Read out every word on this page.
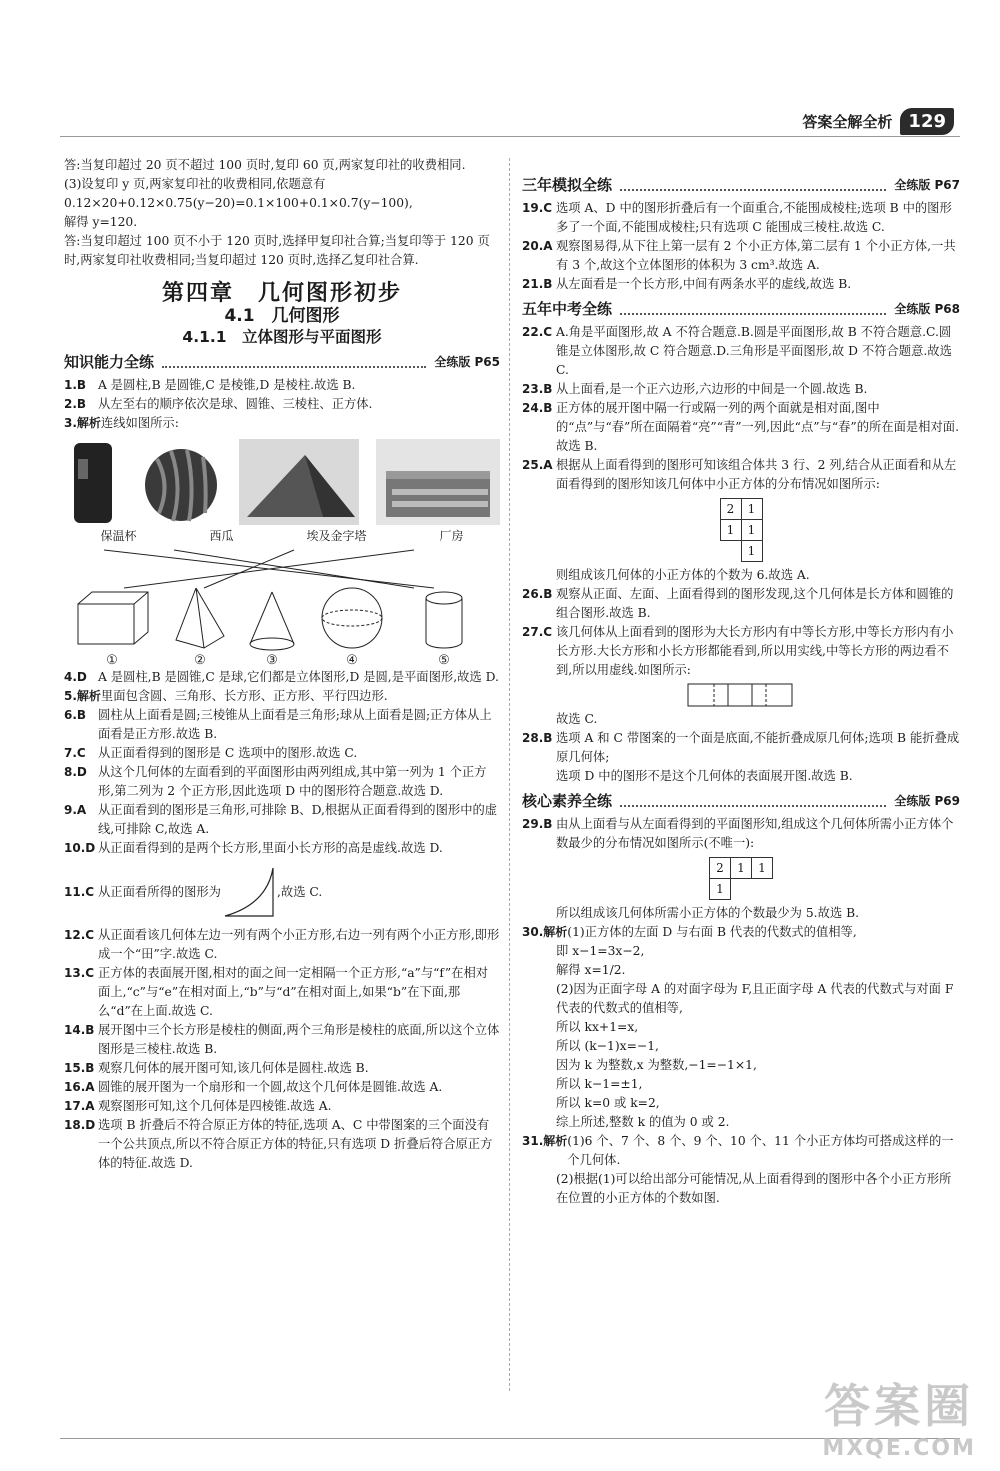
答案全解全析 129

答:当复印超过 20 页不超过 100 页时,复印 60 页,两家复印社的收费相同.

(3)设复印 y 页,两家复印社的收费相同,依题意有

0.12×20+0.12×0.75(y−20)=0.1×100+0.1×0.7(y−100),

解得 y=120.

答:当复印超过 100 页不小于 120 页时,选择甲复印社合算;当复印等于 120 页时,两家复印社收费相同;当复印超过 120 页时,选择乙复印社合算.

第四章　几何图形初步
4.1　几何图形
4.1.1　立体图形与平面图形
知识能力全练	全练版 P65
1.B A 是圆柱,B 是圆锥,C 是棱锥,D 是棱柱.故选 B.
2.B 从左至右的顺序依次是球、圆锥、三棱柱、正方体.
3.解析 连线如图所示:
保温杯	西瓜	埃及金字塔	厂房
①	②	③	④	⑤
4.D A 是圆柱,B 是圆锥,C 是球,它们都是立体图形,D 是圆,是平面图形,故选 D.
5.解析 里面包含圆、三角形、长方形、正方形、平行四边形.
6.B 圆柱从上面看是圆;三棱锥从上面看是三角形;球从上面看是圆;正方体从上面看是正方形.故选 B.
7.C 从正面看得到的图形是 C 选项中的图形.故选 C.
8.D 从这个几何体的左面看到的平面图形由两列组成,其中第一列为 1 个正方形,第二列为 2 个正方形,因此选项 D 中的图形符合题意.故选 D.
9.A 从正面看到的图形是三角形,可排除 B、D,根据从正面看得到的图形中的虚线,可排除 C,故选 A.
10.D 从正面看得到的是两个长方形,里面小长方形的高是虚线.故选 D.
11.C 从正面看所得的图形为	,故选 C.
12.C 从正面看该几何体左边一列有两个小正方形,右边一列有两个小正方形,即形成一个“田”字.故选 C.
13.C 正方体的表面展开图,相对的面之间一定相隔一个正方形,“a”与“f”在相对面上,“c”与“e”在相对面上,“b”与“d”在相对面上,如果“b”在下面,那么“d”在上面.故选 C.
14.B 展开图中三个长方形是棱柱的侧面,两个三角形是棱柱的底面,所以这个立体图形是三棱柱.故选 B.
15.B 观察几何体的展开图可知,该几何体是圆柱.故选 B.
16.A 圆锥的展开图为一个扇形和一个圆,故这个几何体是圆锥.故选 A.
17.A 观察图形可知,这个几何体是四棱锥.故选 A.
18.D 选项 B 折叠后不符合原正方体的特征,选项 A、C 中带图案的三个面没有一个公共顶点,所以不符合原正方体的特征,只有选项 D 折叠后符合原正方体的特征.故选 D.
三年模拟全练	全练版 P67
19.C 选项 A、D 中的图形折叠后有一个面重合,不能围成棱柱;选项 B 中的图形多了一个面,不能围成棱柱;只有选项 C 能围成三棱柱.故选 C.
20.A 观察图易得,从下往上第一层有 2 个小正方体,第二层有 1 个小正方体,一共有 3 个,故这个立体图形的体积为 3 cm³.故选 A.
21.B 从左面看是一个长方形,中间有两条水平的虚线,故选 B.
五年中考全练	全练版 P68
22.C A.角是平面图形,故 A 不符合题意.B.圆是平面图形,故 B 不符合题意.C.圆锥是立体图形,故 C 符合题意.D.三角形是平面图形,故 D 不符合题意.故选 C.
23.B 从上面看,是一个正六边形,六边形的中间是一个圆.故选 B.
24.B 正方体的展开图中隔一行或隔一列的两个面就是相对面,图中的“点”与“春”所在面隔着“亮”“青”一列,因此“点”与“春”的所在面是相对面.故选 B.
25.A 根据从上面看得到的图形可知该组合体共 3 行、2 列,结合从正面看和从左面看得到的图形知该几何体中小正方体的分布情况如图所示:
2	1
1	1
	1

则组成该几何体的小正方体的个数为 6.故选 A.

26.B 观察从正面、左面、上面看得到的图形发现,这个几何体是长方体和圆锥的组合图形.故选 B.
27.C 该几何体从上面看到的图形为大长方形内有中等长方形,中等长方形内有小长方形.大长方形和小长方形都能看到,所以用实线,中等长方形的两边看不到,所以用虚线.如图所示:

故选 C.

28.B 选项 A 和 C 带图案的一个面是底面,不能折叠成原几何体;选项 B 能折叠成原几何体;
选项 D 中的图形不是这个几何体的表面展开图.故选 B.
核心素养全练	全练版 P69
29.B 由从上面看与从左面看得到的平面图形知,组成这个几何体所需小正方体个数最少的分布情况如图所示(不唯一):
2	1	1
1		

所以组成该几何体所需小正方体的个数最少为 5.故选 B.

30.解析 (1)正方体的左面 D 与右面 B 代表的代数式的值相等,
即 x−1=3x−2,
解得 x=1/2.
(2)因为正面字母 A 的对面字母为 F,且正面字母 A 代表的代数式与对面 F 代表的代数式的值相等,
所以 kx+1=x,
所以 (k−1)x=−1,
因为 k 为整数,x 为整数,−1=−1×1,
所以 k−1=±1,
所以 k=0 或 k=2,
综上所述,整数 k 的值为 0 或 2.
31.解析 (1)6 个、7 个、8 个、9 个、10 个、11 个小正方体均可搭成这样的一个几何体.
(2)根据(1)可以给出部分可能情况,从上面看得到的图形中各个小正方形所在位置的小正方体的个数如图.
答案圈
MXQE.COM
